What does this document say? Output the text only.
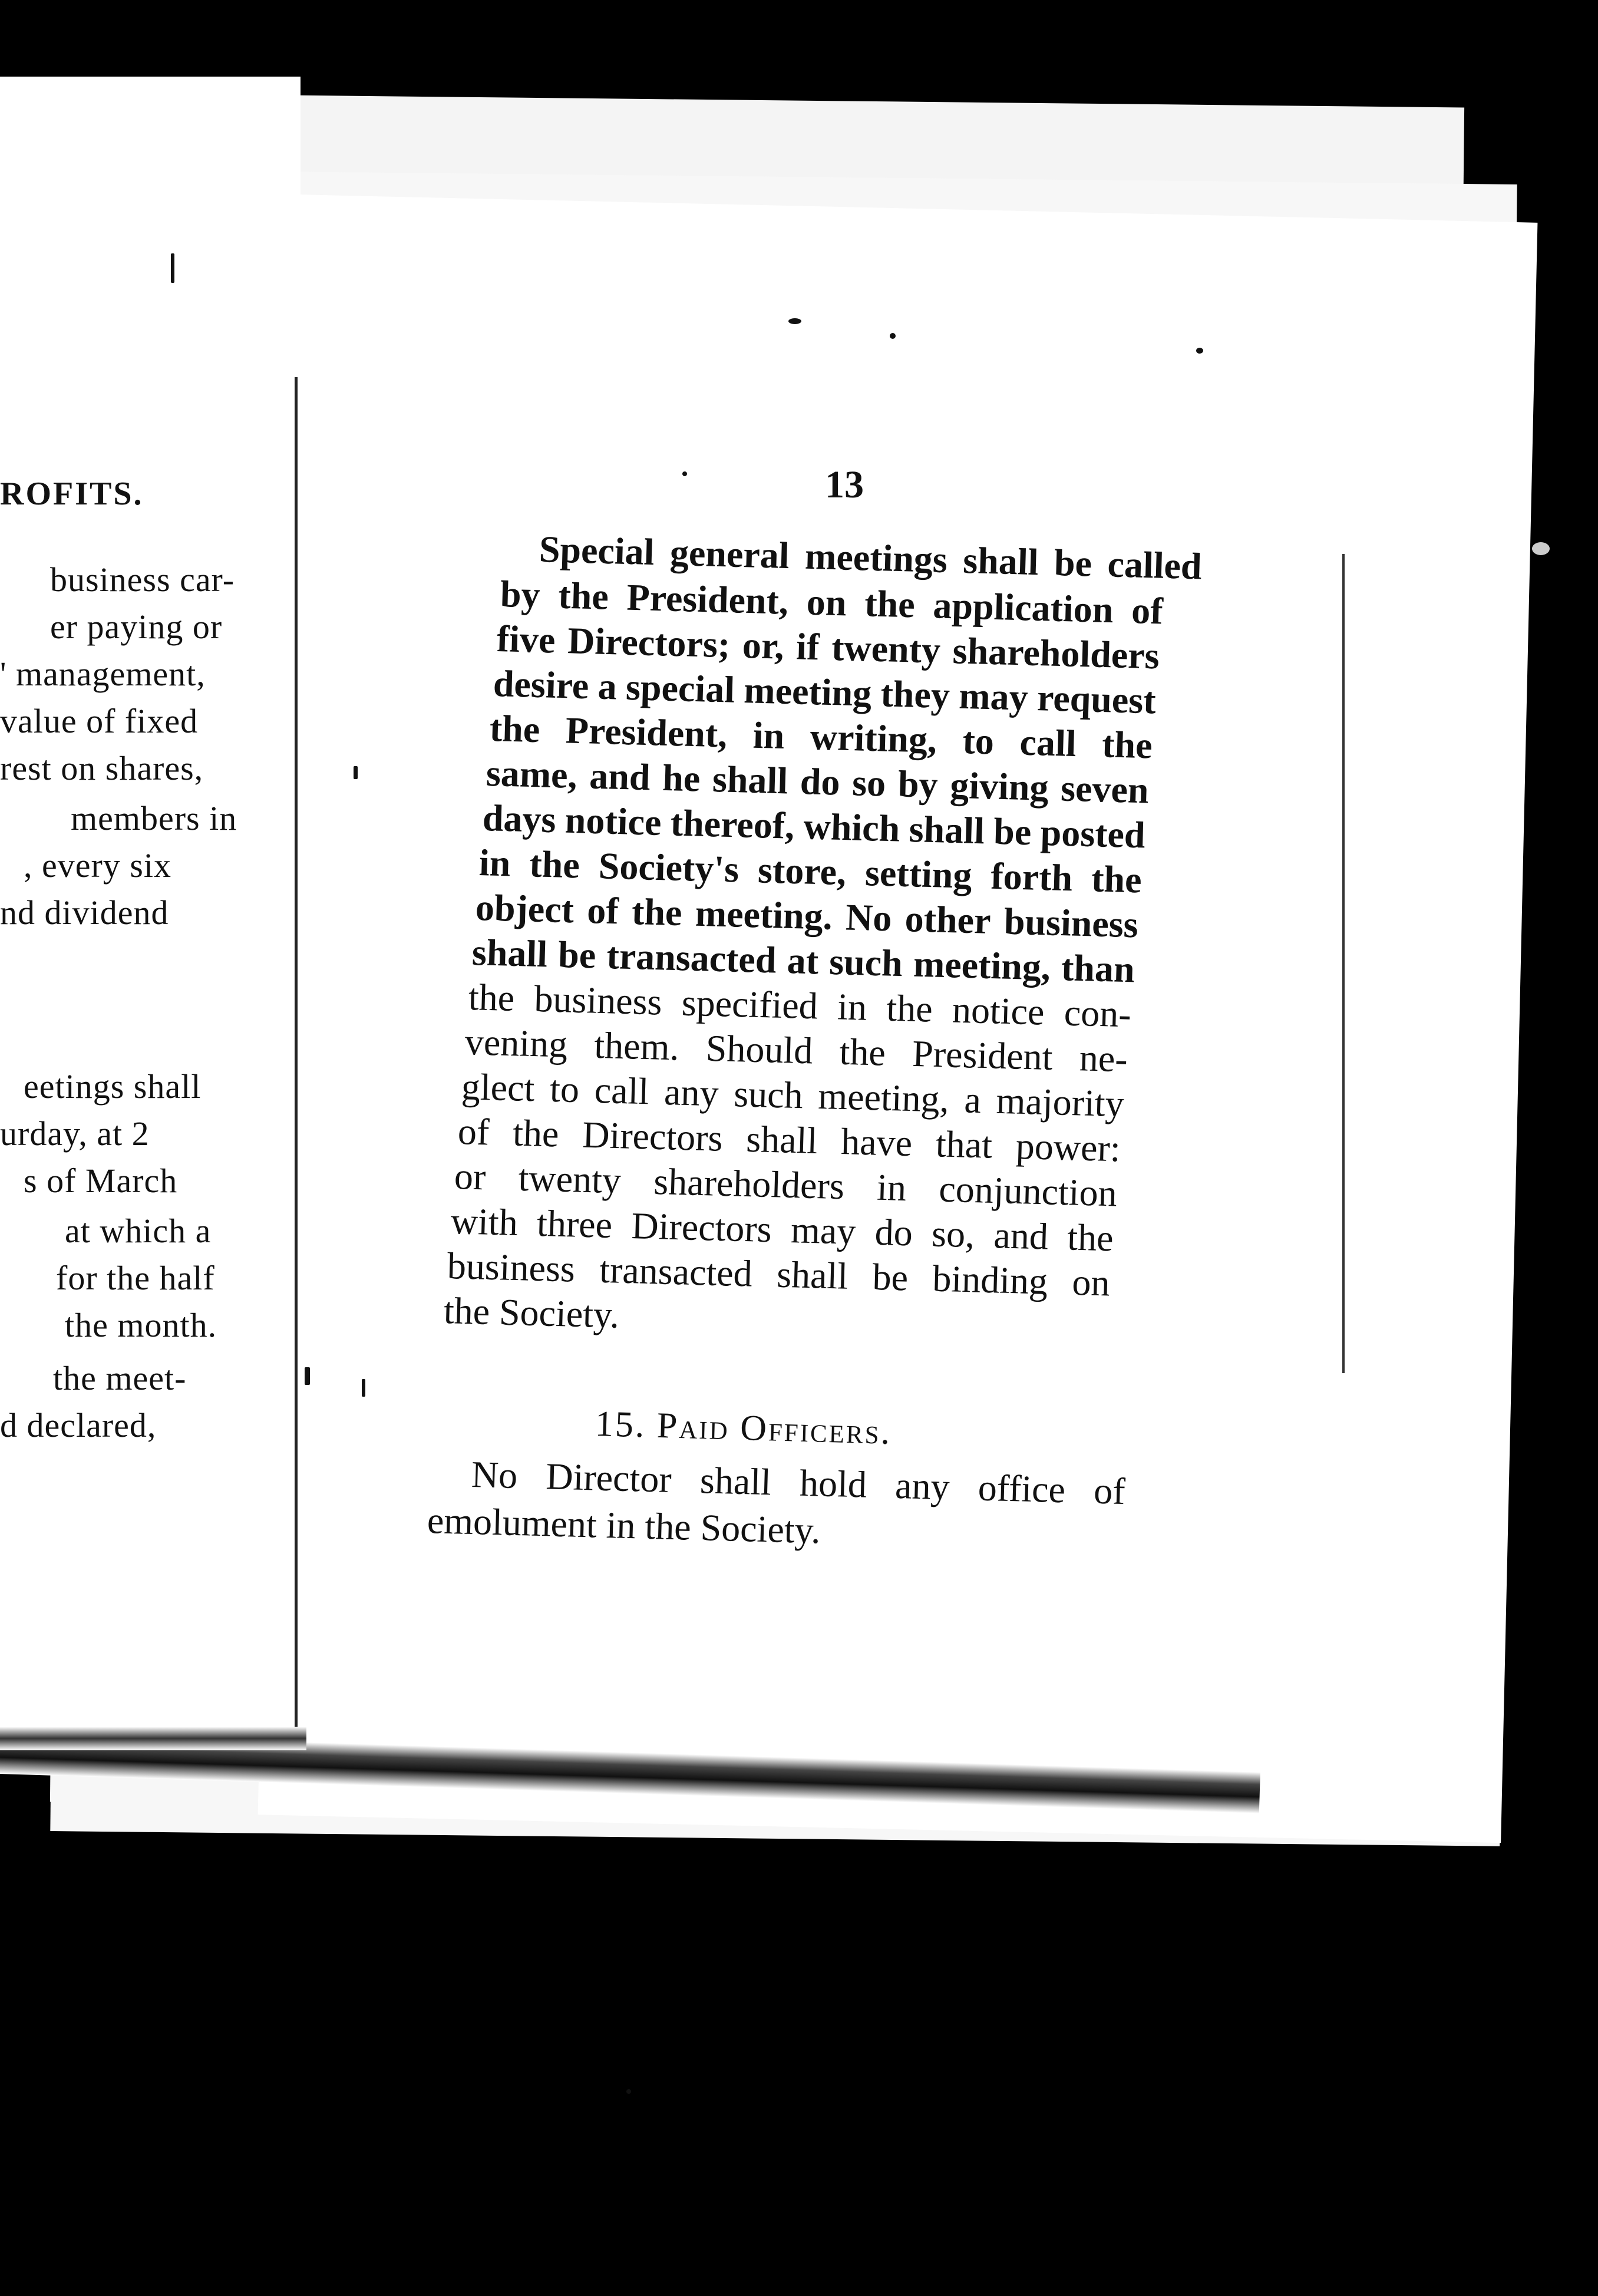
ROFITS.
business car-
er paying or
' management,
value of fixed
rest on shares,
members in
, every six
nd dividend
eetings shall
urday, at 2
s of March
at which a
for the half
the month.
the meet-
d declared,
13
Special general meetings shall be called
by the President, on the application of
five Directors; or, if twenty shareholders
desire a special meeting they may request
the President, in writing, to call the
same, and he shall do so by giving seven
days notice thereof, which shall be posted
in the Society's store, setting forth the
object of the meeting. No other business
shall be transacted at such meeting, than
the business specified in the notice con-
vening them. Should the President ne-
glect to call any such meeting, a majority
of the Directors shall have that power:
or twenty shareholders in conjunction
with three Directors may do so, and the
business transacted shall be binding on
the Society.
15. Paid Officers.
No Director shall hold any office of
emolument in the Society.
